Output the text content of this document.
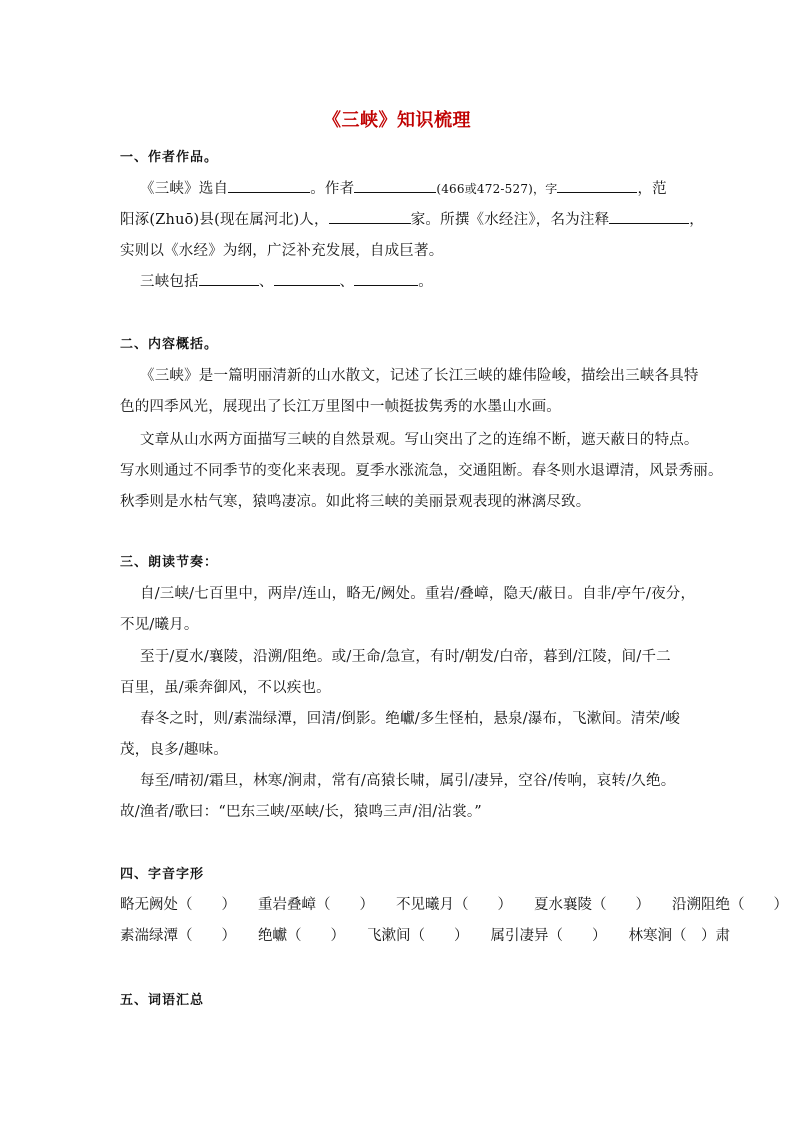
《三峡》知识梳理
一、作者作品。
《三峡》选自	。作者	(466或472-527)，字	，范
阳涿(Zhuō)县(现在属河北)人，	家。所撰《水经注》，名为注释	，
实则以《水经》为纲，广泛补充发展，自成巨著。
三峡包括	、	、	。
二、内容概括。
《三峡》是一篇明丽清新的山水散文，记述了长江三峡的雄伟险峻，描绘出三峡各具特
色的四季风光，展现出了长江万里图中一帧挺拔隽秀的水墨山水画。
文章从山水两方面描写三峡的自然景观。写山突出了之的连绵不断，遮天蔽日的特点。
写水则通过不同季节的变化来表现。夏季水涨流急，交通阻断。春冬则水退谭清，风景秀丽。
秋季则是水枯气寒，猿鸣凄凉。如此将三峡的美丽景观表现的淋漓尽致。
三、朗读节奏：
自/三峡/七百里中，两岸/连山，略无/阙处。重岩/叠嶂，隐天/蔽日。自非/亭午/夜分，
不见/曦月。
至于/夏水/襄陵，沿溯/阻绝。或/王命/急宣，有时/朝发/白帝，暮到/江陵，间/千二
百里，虽/乘奔御风，不以疾也。
春冬之时，则/素湍绿潭，回清/倒影。绝巘/多生怪柏，悬泉/瀑布，飞漱间。清荣/峻
茂，良多/趣味。
每至/晴初/霜旦，林寒/涧肃，常有/高猿长啸，属引/凄异，空谷/传响，哀转/久绝。
故/渔者/歌曰：“巴东三峡/巫峡/长，猿鸣三声/泪/沾裳。”
四、字音字形
略无阙处（　　） 重岩叠嶂（　　） 不见曦月（　　） 夏水襄陵（　　） 沿溯阻绝（　　）
素湍绿潭（　　） 绝巘（　　） 飞漱间（　　） 属引凄异（　　） 林寒涧（　）肃
五、词语汇总
